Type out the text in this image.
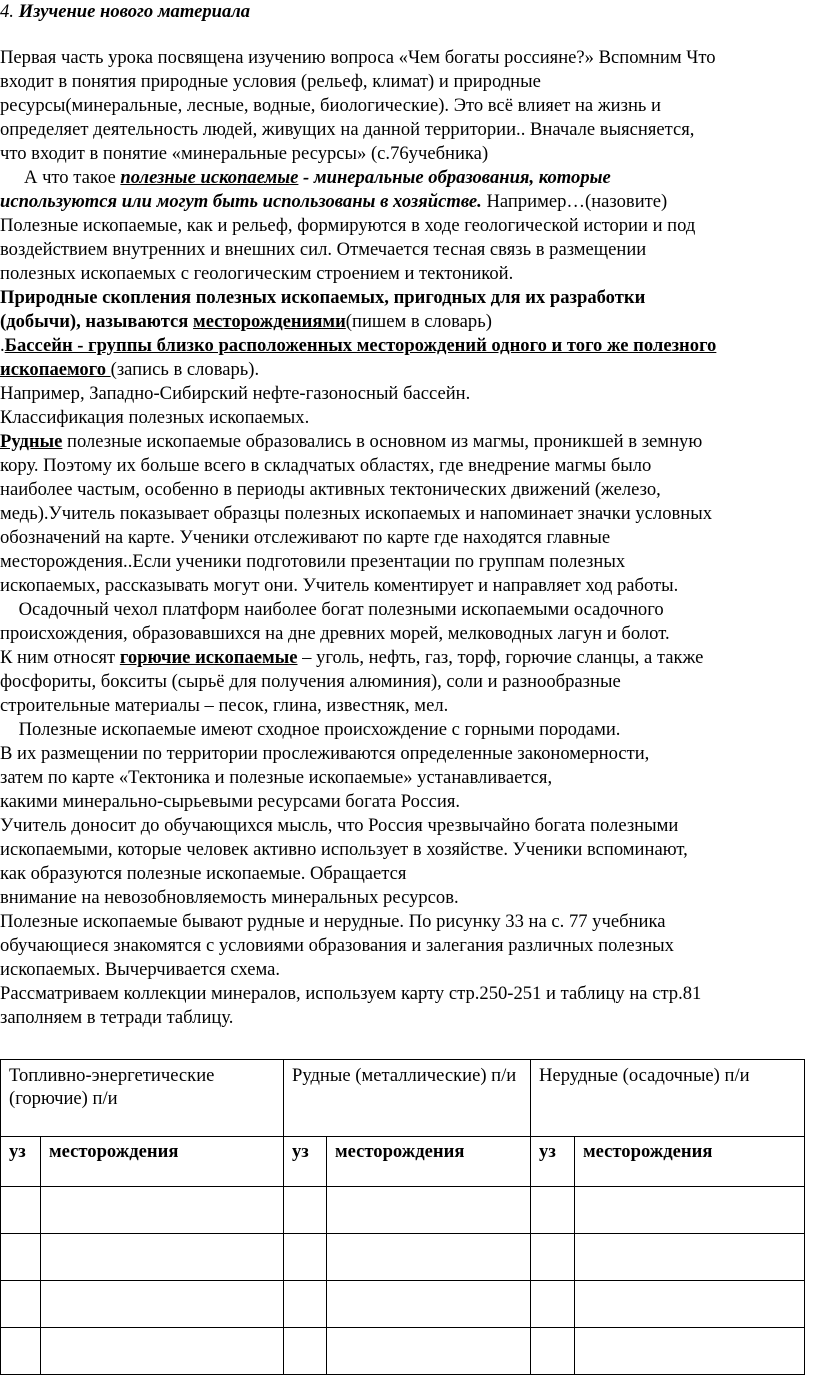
4. Изучение нового материала
Первая часть урока посвящена изучению вопроса «Чем богаты россияне?» Вспомним Что
входит в понятия природные условия (рельеф, климат) и природные
ресурсы(минеральные, лесные, водные, биологические). Это всё влияет на жизнь и
определяет деятельность людей, живущих на данной территории.. Вначале выясняется,
что входит в понятие «минеральные ресурсы» (с.76учебника)
А что такое полезные ископаемые - минеральные образования, которые
используются или могут быть использованы в хозяйстве. Например…(назовите)
Полезные ископаемые, как и рельеф, формируются в ходе геологической истории и под
воздействием внутренних и внешних сил. Отмечается тесная связь в размещении
полезных ископаемых с геологическим строением и тектоникой.
Природные скопления полезных ископаемых, пригодных для их разработки
(добычи), называются месторождениями(пишем в словарь)
.Бассейн - группы близко расположенных месторождений одного и того же полезного
ископаемого (запись в словарь).
Например, Западно-Сибирский нефте-газоносный бассейн.
Классификация полезных ископаемых.
Рудные полезные ископаемые образовались в основном из магмы, проникшей в земную
кору. Поэтому их больше всего в складчатых областях, где внедрение магмы было
наиболее частым, особенно в периоды активных тектонических движений (железо,
медь).Учитель показывает образцы полезных ископаемых и напоминает значки условных
обозначений на карте. Ученики отслеживают по карте где находятся главные
месторождения..Если ученики подготовили презентации по группам полезных
ископаемых, рассказывать могут они. Учитель коментирует и направляет ход работы.
Осадочный чехол платформ наиболее богат полезными ископаемыми осадочного
происхождения, образовавшихся на дне древних морей, мелководных лагун и болот.
К ним относят горючие ископаемые – уголь, нефть, газ, торф, горючие сланцы, а также
фосфориты, бокситы (сырьё для получения алюминия), соли и разнообразные
строительные материалы – песок, глина, известняк, мел.
Полезные ископаемые имеют сходное происхождение с горными породами.
В их размещении по территории прослеживаются определенные закономерности,
затем по карте «Тектоника и полезные ископаемые» устанавливается,
какими минерально-сырьевыми ресурсами богата Россия.
Учитель доносит до обучающихся мысль, что Россия чрезвычайно богата полезными
ископаемыми, которые человек активно использует в хозяйстве. Ученики вспоминают,
как образуются полезные ископаемые. Обращается
внимание на невозобновляемость минеральных ресурсов.
Полезные ископаемые бывают рудные и нерудные. По рисунку 33 на с. 77 учебника
обучающиеся знакомятся с условиями образования и залегания различных полезных
ископаемых. Вычерчивается схема.
Рассматриваем коллекции минералов, используем карту стр.250-251 и таблицу на стр.81
заполняем в тетради таблицу.
Топливно-энергетические (горючие) п/и		Рудные (металлические) п/и		Нерудные (осадочные) п/и	
уз	месторождения	уз	месторождения	уз	месторождения
